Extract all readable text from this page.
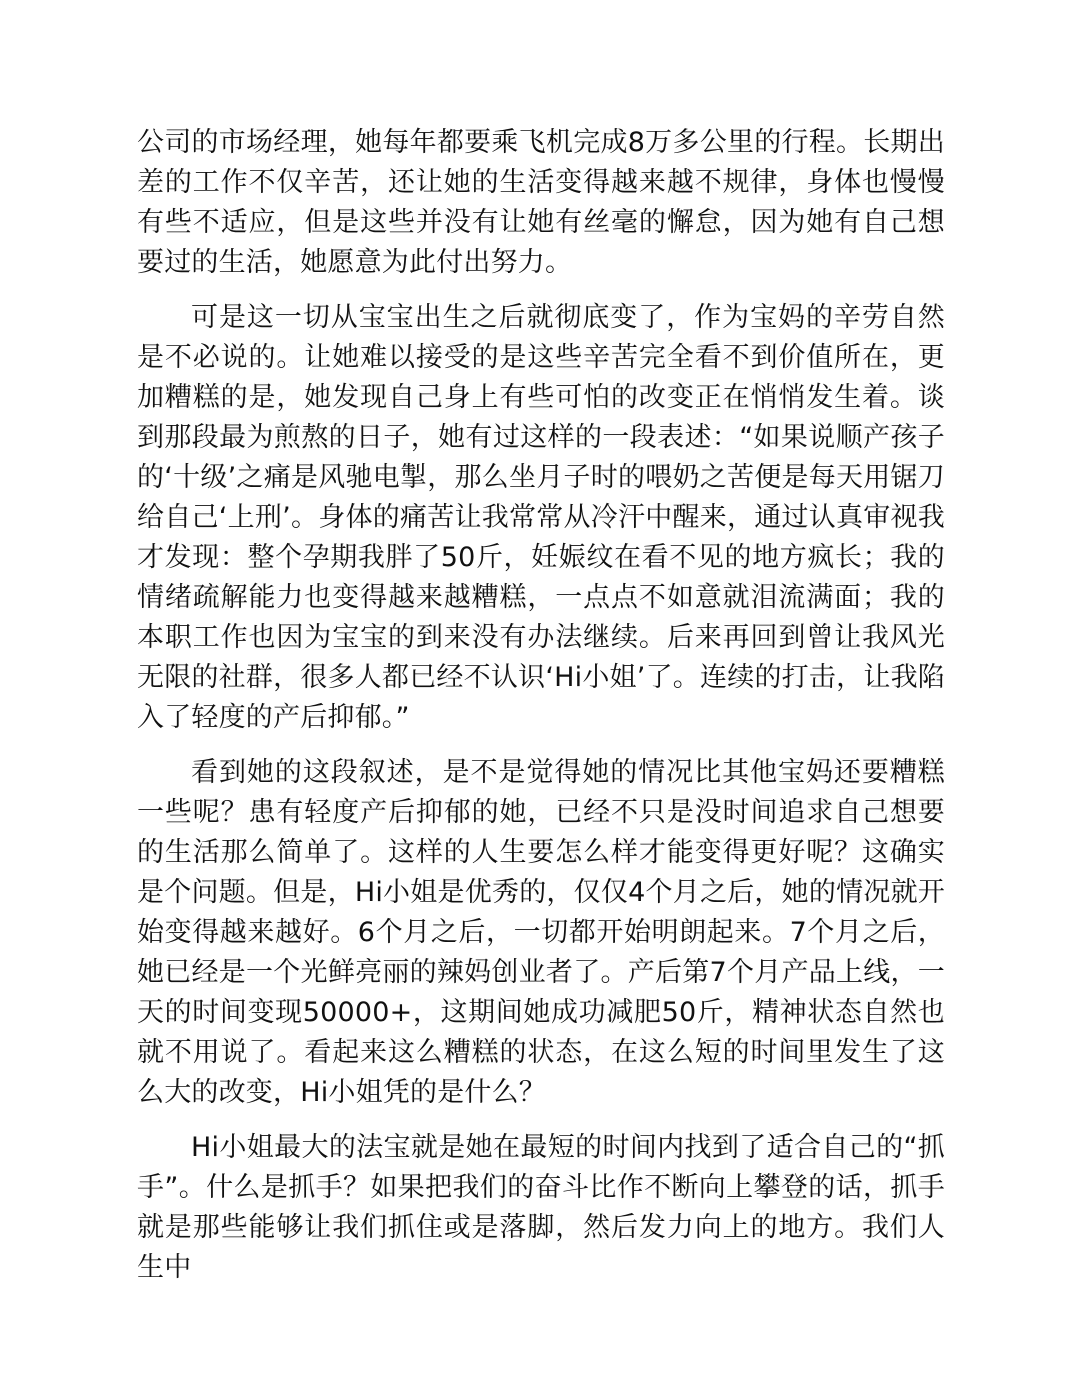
公司的市场经理，她每年都要乘飞机完成8万多公里的行程。长期出差的工作不仅辛苦，还让她的生活变得越来越不规律，身体也慢慢有些不适应，但是这些并没有让她有丝毫的懈怠，因为她有自己想要过的生活，她愿意为此付出努力。

可是这一切从宝宝出生之后就彻底变了，作为宝妈的辛劳自然是不必说的。让她难以接受的是这些辛苦完全看不到价值所在，更加糟糕的是，她发现自己身上有些可怕的改变正在悄悄发生着。谈到那段最为煎熬的日子，她有过这样的一段表述：“如果说顺产孩子的‘十级’之痛是风驰电掣，那么坐月子时的喂奶之苦便是每天用锯刀给自己‘上刑’。身体的痛苦让我常常从冷汗中醒来，通过认真审视我才发现：整个孕期我胖了50斤，妊娠纹在看不见的地方疯长；我的情绪疏解能力也变得越来越糟糕，一点点不如意就泪流满面；我的本职工作也因为宝宝的到来没有办法继续。后来再回到曾让我风光无限的社群，很多人都已经不认识‘Hi小姐’了。连续的打击，让我陷入了轻度的产后抑郁。”

看到她的这段叙述，是不是觉得她的情况比其他宝妈还要糟糕一些呢？患有轻度产后抑郁的她，已经不只是没时间追求自己想要的生活那么简单了。这样的人生要怎么样才能变得更好呢？这确实是个问题。但是，Hi小姐是优秀的，仅仅4个月之后，她的情况就开始变得越来越好。6个月之后，一切都开始明朗起来。7个月之后，她已经是一个光鲜亮丽的辣妈创业者了。产后第7个月产品上线，一天的时间变现50000+，这期间她成功减肥50斤，精神状态自然也就不用说了。看起来这么糟糕的状态，在这么短的时间里发生了这么大的改变，Hi小姐凭的是什么？

Hi小姐最大的法宝就是她在最短的时间内找到了适合自己的“抓手”。什么是抓手？如果把我们的奋斗比作不断向上攀登的话，抓手就是那些能够让我们抓住或是落脚，然后发力向上的地方。我们人生中
